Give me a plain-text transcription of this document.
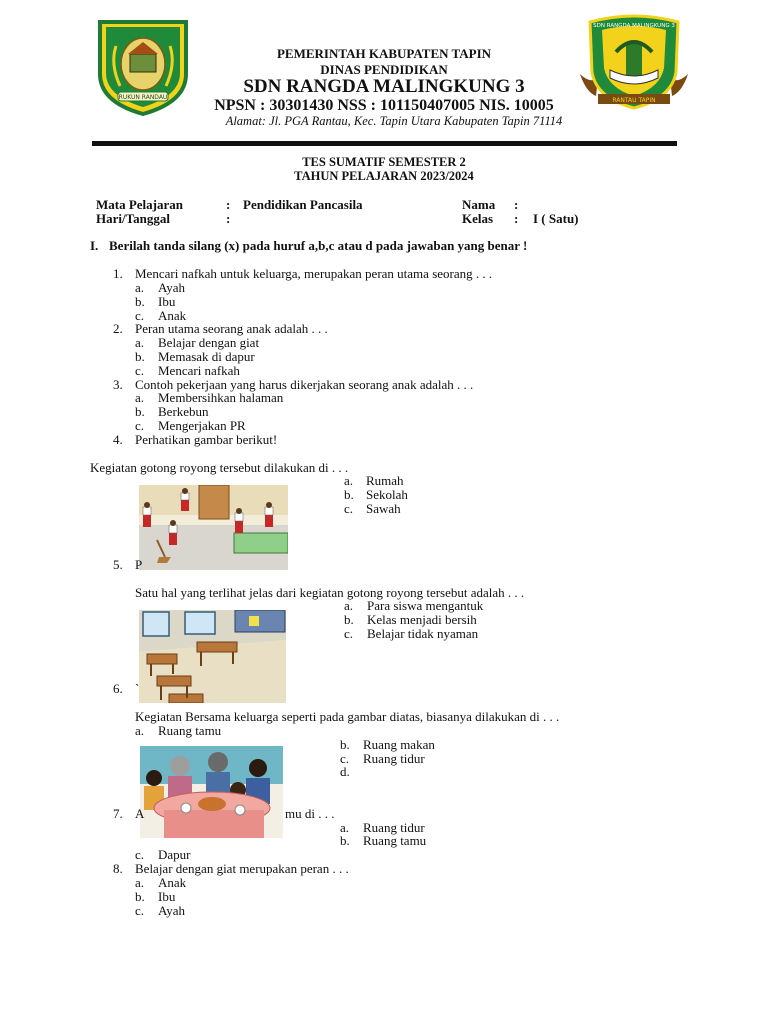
RUKUN RANDAU
SDN RANGDA MALINGKUNG 3
RANTAU TAPIN
PEMERINTAH KABUPATEN TAPIN
DINAS PENDIDIKAN
SDN RANGDA MALINGKUNG 3
NPSN : 30301430 NSS : 101150407005 NIS. 10005
Alamat: Jl. PGA Rantau, Kec. Tapin Utara Kabupaten Tapin 71114
TES SUMATIF SEMESTER 2
TAHUN PELAJARAN 2023/2024
Mata Pelajaran	: Pendidikan Pancasila	Nama :
Hari/Tanggal	:	Kelas : I ( Satu)
I. Berilah tanda silang (x) pada huruf a,b,c atau d pada jawaban yang benar !
1. Mencari nafkah untuk keluarga, merupakan peran utama seorang . . .
a. Ayah
b. Ibu
c. Anak
2. Peran utama seorang anak adalah . . .
a. Belajar dengan giat
b. Memasak di dapur
c. Mencari nafkah
3. Contoh pekerjaan yang harus dikerjakan seorang anak adalah . . .
a. Membersihkan halaman
b. Berkebun
c. Mengerjakan PR
4. Perhatikan gambar berikut!
Kegiatan gotong royong tersebut dilakukan di . . .
a. Rumah
b. Sekolah
c. Sawah
5. P
Satu hal yang terlihat jelas dari kegiatan gotong royong tersebut adalah . . .
a. Para siswa mengantuk
b. Kelas menjadi bersih
c. Belajar tidak nyaman
6. `
Kegiatan Bersama keluarga seperti pada gambar diatas, biasanya dilakukan di . . .
a. Ruang tamu
b. Ruang makan
c. Ruang tidur
d.
7. A	mu di . . .
a. Ruang tidur
b. Ruang tamu
c. Dapur
8. Belajar dengan giat merupakan peran . . .
a. Anak
b. Ibu
c. Ayah
